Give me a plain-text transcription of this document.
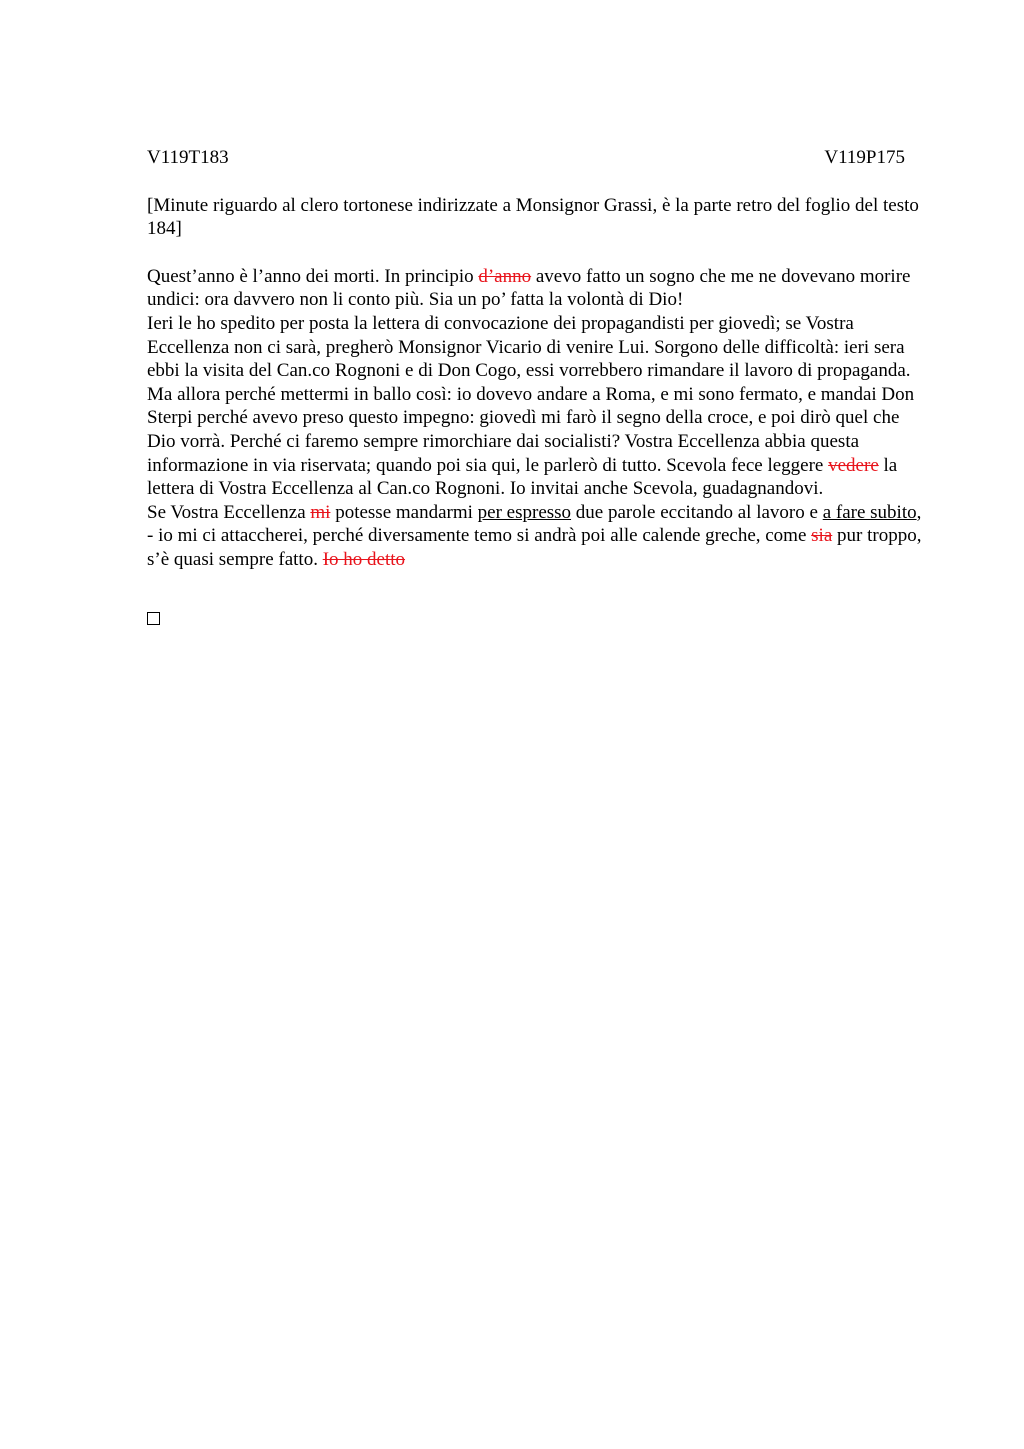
V119T183	V119P175
[Minute riguardo al clero tortonese indirizzate a Monsignor Grassi, è la parte retro del foglio del testo 184]

Quest’anno è l’anno dei morti. In principio d’anno avevo fatto un sogno che me ne dovevano morire undici: ora davvero non li conto più. Sia un po’ fatta la volontà di Dio!

Ieri le ho spedito per posta la lettera di convocazione dei propagandisti per giovedì; se Vostra Eccellenza non ci sarà, pregherò Monsignor Vicario di venire Lui. Sorgono delle difficoltà: ieri sera ebbi la visita del Can.co Rognoni e di Don Cogo, essi vorrebbero rimandare il lavoro di propaganda. Ma allora perché mettermi in ballo così: io dovevo andare a Roma, e mi sono fermato, e mandai Don Sterpi perché avevo preso questo impegno: giovedì mi farò il segno della croce, e poi dirò quel che Dio vorrà. Perché ci faremo sempre rimorchiare dai socialisti? Vostra Eccellenza abbia questa informazione in via riservata; quando poi sia qui, le parlerò di tutto. Scevola fece leggere vedere la lettera di Vostra Eccellenza al Can.co Rognoni. Io invitai anche Scevola, guadagnandovi.

Se Vostra Eccellenza mi potesse mandarmi per espresso due parole eccitando al lavoro e a fare subito, - io mi ci attaccherei, perché diversamente temo si andrà poi alle calende greche, come sia pur troppo, s’è quasi sempre fatto. Io ho detto
